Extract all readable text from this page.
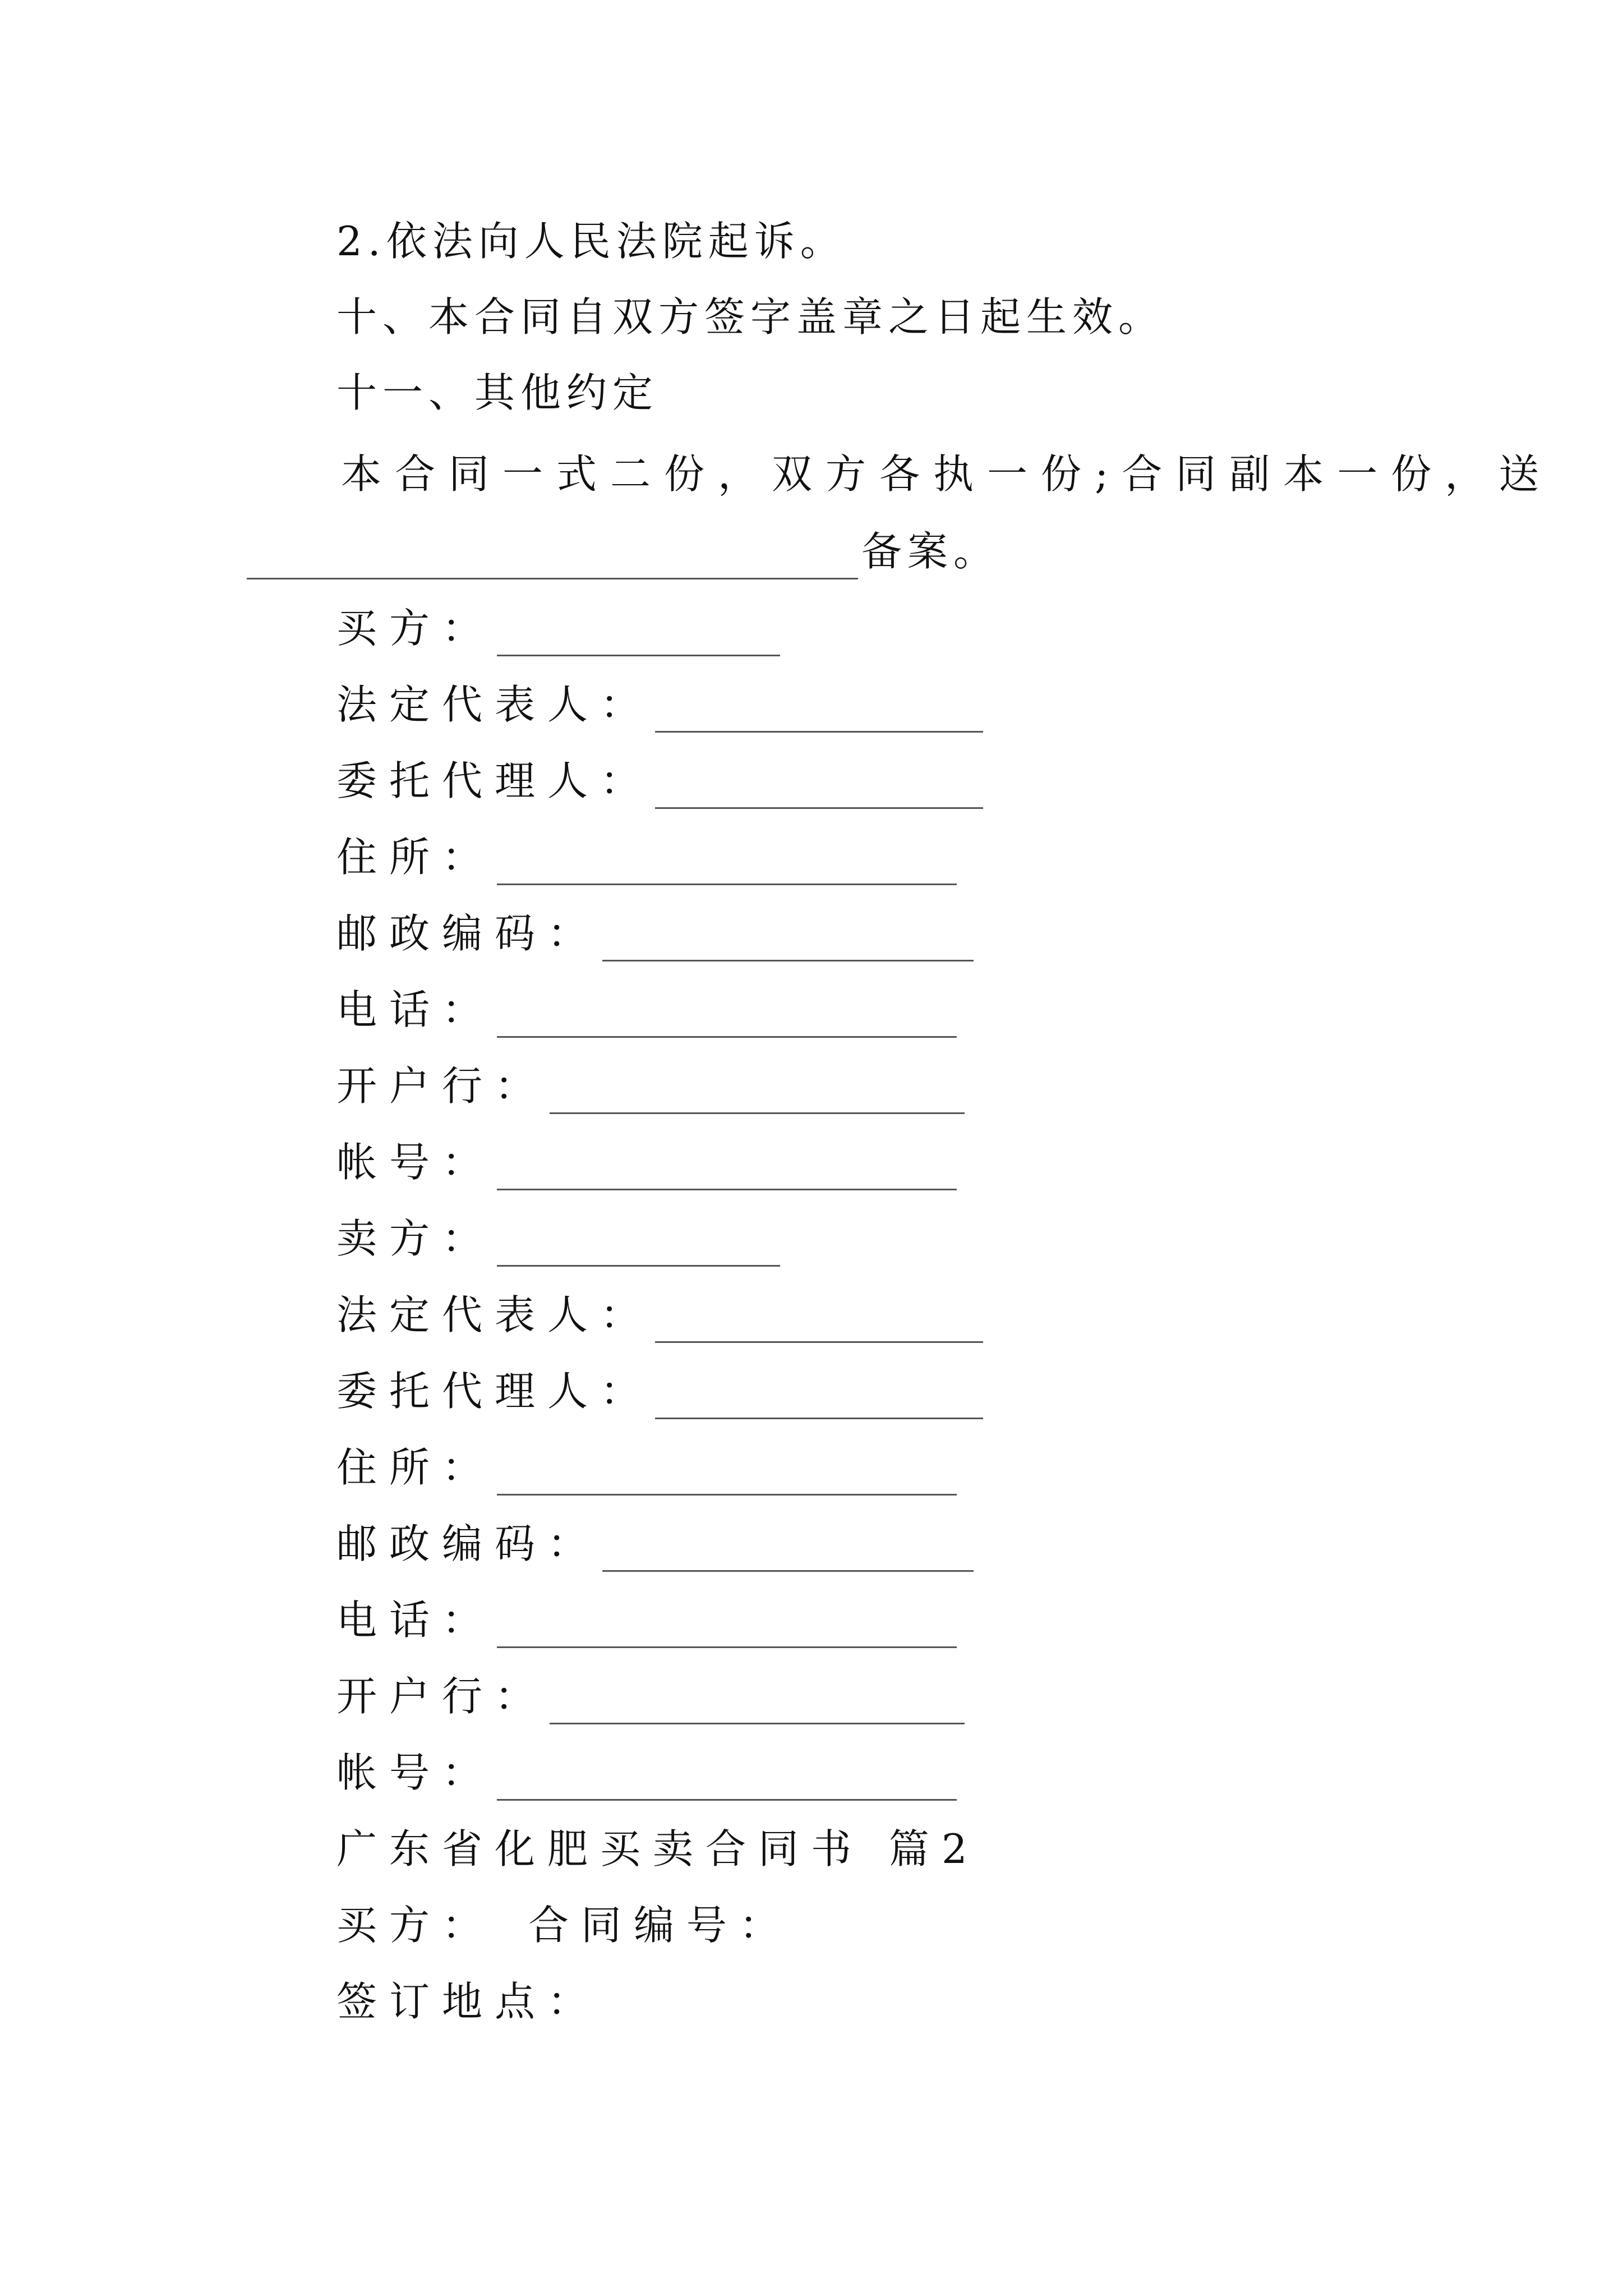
2.依法向人民法院起诉。
十、本合同自双方签字盖章之日起生效。
十一、其他约定
本合同一式二份，双方各执一份;合同副本一份，送
备案。
买方：
法定代表人：
委托代理人：
住所：
邮政编码：
电话：
开户行：
帐号：
卖方：
法定代表人：
委托代理人：
住所：
邮政编码：
电话：
开户行：
帐号：
广东省化肥买卖合同书 篇2
买方： 合同编号：
签订地点：
